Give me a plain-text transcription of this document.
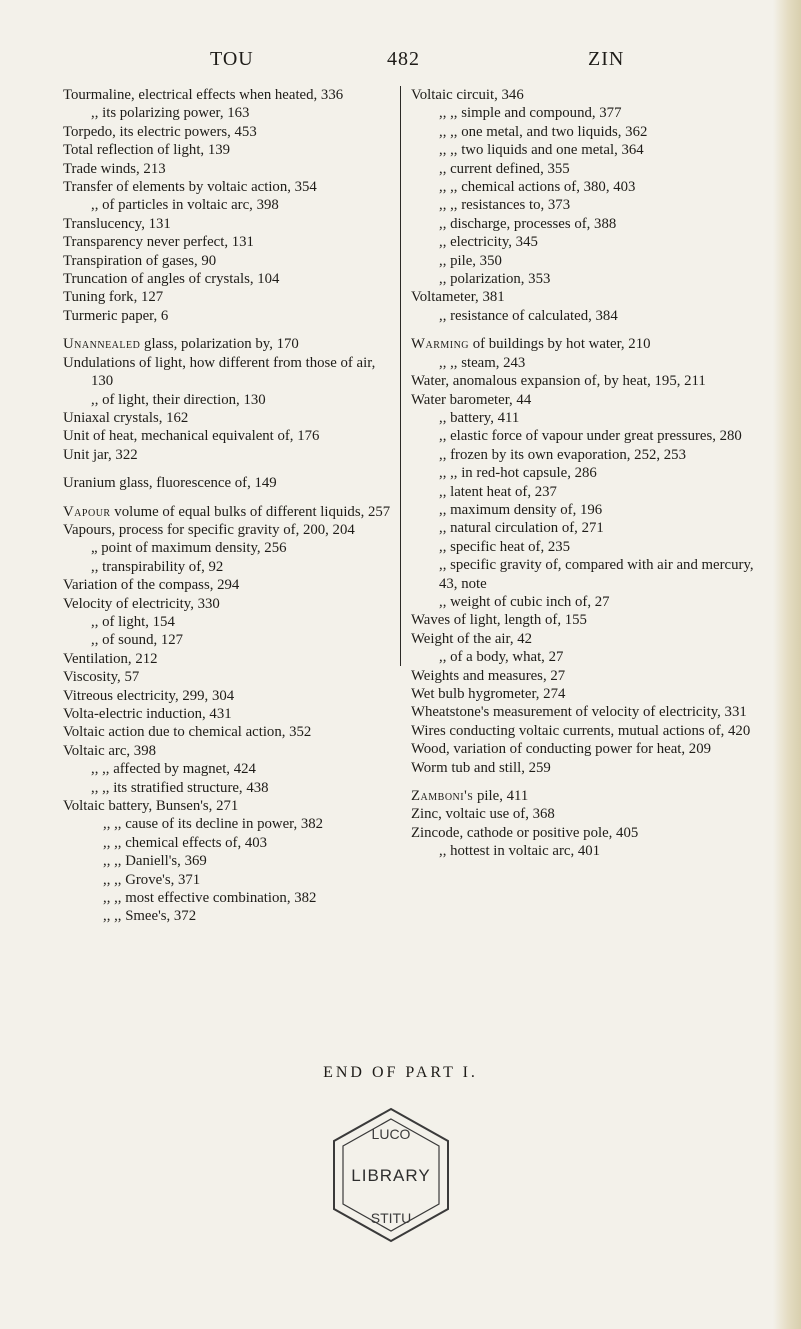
TOU	482	ZIN
Tourmaline, electrical effects when heated, 336
,, its polarizing power, 163
Torpedo, its electric powers, 453
Total reflection of light, 139
Trade winds, 213
Transfer of elements by voltaic action, 354
,, of particles in voltaic arc, 398
Translucency, 131
Transparency never perfect, 131
Transpiration of gases, 90
Truncation of angles of crystals, 104
Tuning fork, 127
Turmeric paper, 6
Unannealed glass, polarization by, 170
Undulations of light, how different from those of air, 130
,, of light, their direction, 130
Uniaxal crystals, 162
Unit of heat, mechanical equivalent of, 176
Unit jar, 322
Uranium glass, fluorescence of, 149
Vapour volume of equal bulks of different liquids, 257
Vapours, process for specific gravity of, 200, 204
„ point of maximum density, 256
,, transpirability of, 92
Variation of the compass, 294
Velocity of electricity, 330
,, of light, 154
,, of sound, 127
Ventilation, 212
Viscosity, 57
Vitreous electricity, 299, 304
Volta-electric induction, 431
Voltaic action due to chemical action, 352
Voltaic arc, 398
,, ,, affected by magnet, 424
,, ,, its stratified structure, 438
Voltaic battery, Bunsen's, 271
,, ,, cause of its decline in power, 382
,, ,, chemical effects of, 403
,, ,, Daniell's, 369
,, ,, Grove's, 371
,, ,, most effective combination, 382
,, ,, Smee's, 372
Voltaic circuit, 346
,, ,, simple and compound, 377
,, ,, one metal, and two liquids, 362
,, ,, two liquids and one metal, 364
,, current defined, 355
,, ,, chemical actions of, 380, 403
,, ,, resistances to, 373
,, discharge, processes of, 388
,, electricity, 345
,, pile, 350
,, polarization, 353
Voltameter, 381
,, resistance of calculated, 384
Warming of buildings by hot water, 210
,, ,, steam, 243
Water, anomalous expansion of, by heat, 195, 211
Water barometer, 44
,, battery, 411
,, elastic force of vapour under great pressures, 280
,, frozen by its own evaporation, 252, 253
,, ,, in red-hot capsule, 286
,, latent heat of, 237
,, maximum density of, 196
,, natural circulation of, 271
,, specific heat of, 235
,, specific gravity of, compared with air and mercury, 43, note
,, weight of cubic inch of, 27
Waves of light, length of, 155
Weight of the air, 42
,, of a body, what, 27
Weights and measures, 27
Wet bulb hygrometer, 274
Wheatstone's measurement of velocity of electricity, 331
Wires conducting voltaic currents, mutual actions of, 420
Wood, variation of conducting power for heat, 209
Worm tub and still, 259
Zamboni's pile, 411
Zinc, voltaic use of, 368
Zincode, cathode or positive pole, 405
,, hottest in voltaic arc, 401
END OF PART I.
LUCO
LIBRARY
STITU
